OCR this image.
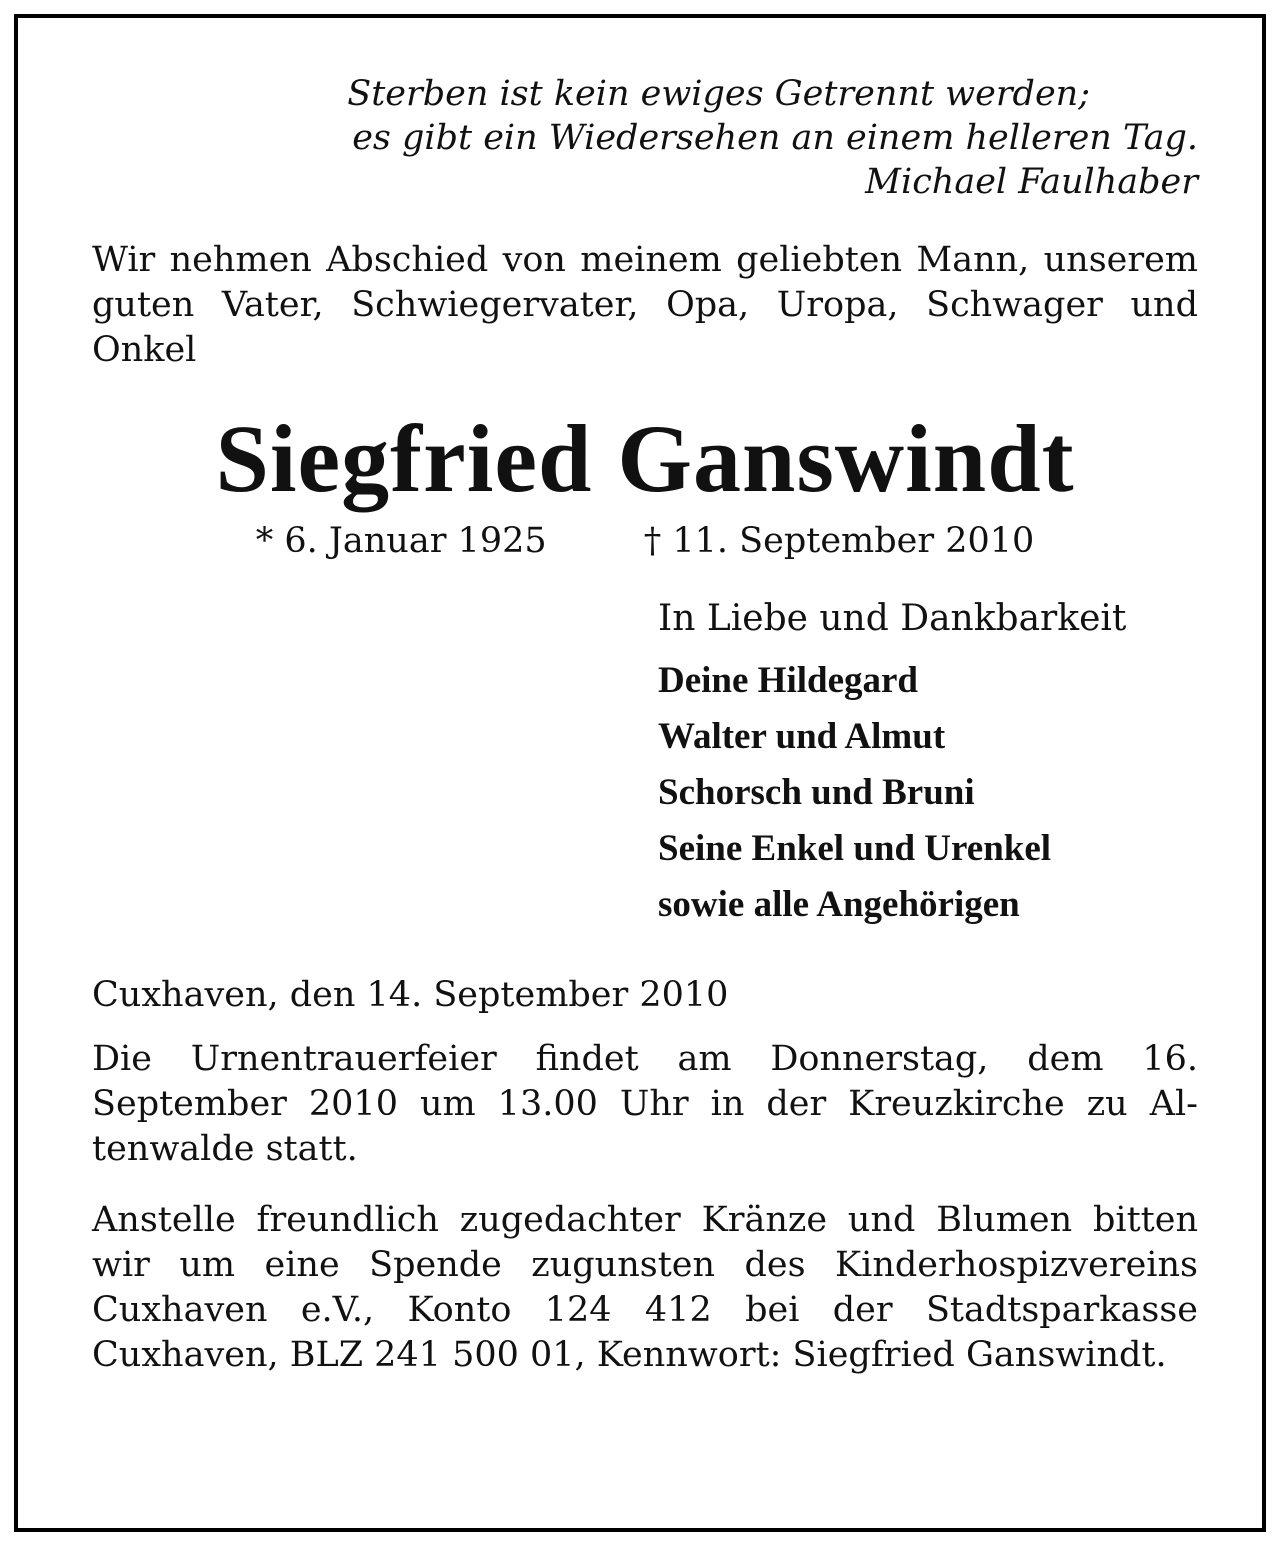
Sterben ist kein ewiges Getrennt werden;
es gibt ein Wiedersehen an einem helleren Tag.
Michael Faulhaber
Wir nehmen Abschied von meinem geliebten Mann, unserem guten Vater, Schwiegervater, Opa, Uropa, Schwager und Onkel
Siegfried Ganswindt
* 6. Januar 1925	† 11. September 2010
In Liebe und Dankbarkeit
Deine Hildegard
Walter und Almut
Schorsch und Bruni
Seine Enkel und Urenkel
sowie alle Angehörigen
Cuxhaven, den 14. September 2010
Die Urnentrauerfeier findet am Donnerstag, dem 16. September 2010 um 13.00 Uhr in der Kreuzkirche zu Altenwalde statt.
Anstelle freundlich zugedachter Kränze und Blumen bitten wir um eine Spende zugunsten des Kinderhospizvereins Cuxhaven e.V., Konto 124 412 bei der Stadtsparkasse Cuxhaven, BLZ 241 500 01, Kennwort: Siegfried Ganswindt.
